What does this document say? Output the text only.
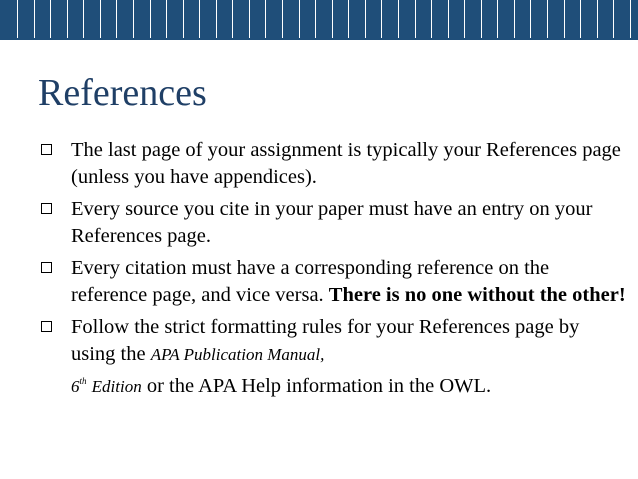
References
The last page of your assignment is typically your References page (unless you have appendices).
Every source you cite in your paper must have an entry on your References page.
Every citation must have a corresponding reference on the reference page, and vice versa. There is no one without the other!
Follow the strict formatting rules for your References page by using the APA Publication Manual,
6th Edition or the APA Help information in the OWL.
